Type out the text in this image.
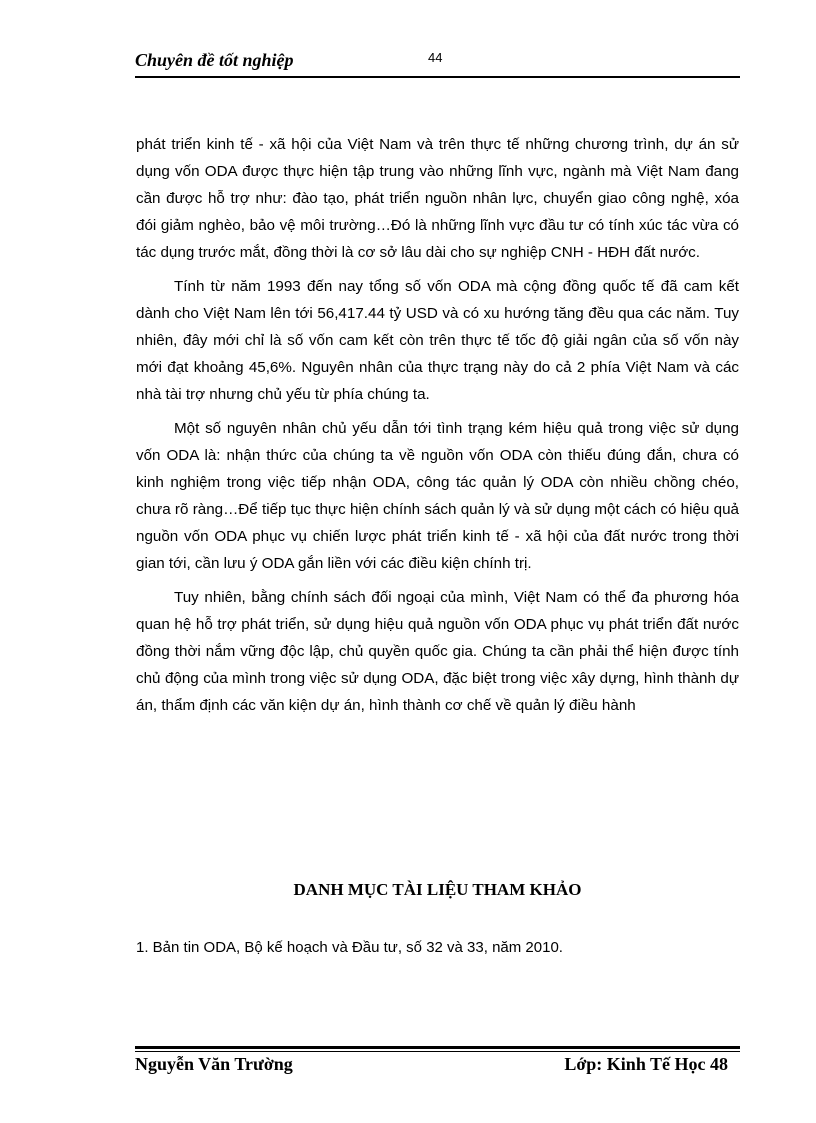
Chuyên đề tốt nghiệp	44

phát triển kinh tế - xã hội của Việt Nam và trên thực tế những chương trình, dự án sử dụng vốn ODA được thực hiện tập trung vào những lĩnh vực, ngành mà Việt Nam đang cần được hỗ trợ như: đào tạo, phát triển nguồn nhân lực, chuyển giao công nghệ, xóa đói giảm nghèo, bảo vệ môi trường…Đó là những lĩnh vực đầu tư có tính xúc tác vừa có tác dụng trước mắt, đồng thời là cơ sở lâu dài cho sự nghiệp CNH - HĐH đất nước.

Tính từ năm 1993 đến nay tổng số vốn ODA mà cộng đồng quốc tế đã cam kết dành cho Việt Nam lên tới 56,417.44 tỷ USD và có xu hướng tăng đều qua các năm. Tuy nhiên, đây mới chỉ là số vốn cam kết còn trên thực tế tốc độ giải ngân của số vốn này mới đạt khoảng 45,6%. Nguyên nhân của thực trạng này do cả 2 phía Việt Nam và các nhà tài trợ nhưng chủ yếu từ phía chúng ta.

Một số nguyên nhân chủ yếu dẫn tới tình trạng kém hiệu quả trong việc sử dụng vốn ODA là: nhận thức của chúng ta về nguồn vốn ODA còn thiếu đúng đắn, chưa có kinh nghiệm trong việc tiếp nhận ODA, công tác quản lý ODA còn nhiều chồng chéo, chưa rõ ràng…Để tiếp tục thực hiện chính sách quản lý và sử dụng một cách có hiệu quả nguồn vốn ODA phục vụ chiến lược phát triển kinh tế - xã hội của đất nước trong thời gian tới, cần lưu ý ODA gắn liền với các điều kiện chính trị.

Tuy nhiên, bằng chính sách đối ngoại của mình, Việt Nam có thể đa phương hóa quan hệ hỗ trợ phát triển, sử dụng hiệu quả nguồn vốn ODA phục vụ phát triển đất nước đồng thời nắm vững độc lập, chủ quyền quốc gia. Chúng ta cần phải thể hiện được tính chủ động của mình trong việc sử dụng ODA, đặc biệt trong việc xây dựng, hình thành dự án, thẩm định các văn kiện dự án, hình thành cơ chế về quản lý điều hành

DANH MỤC TÀI LIỆU THAM KHẢO
1. Bản tin ODA, Bộ kế hoạch và Đầu tư, số 32 và 33, năm 2010.
Nguyễn Văn Trường	Lớp: Kinh Tế Học 48
